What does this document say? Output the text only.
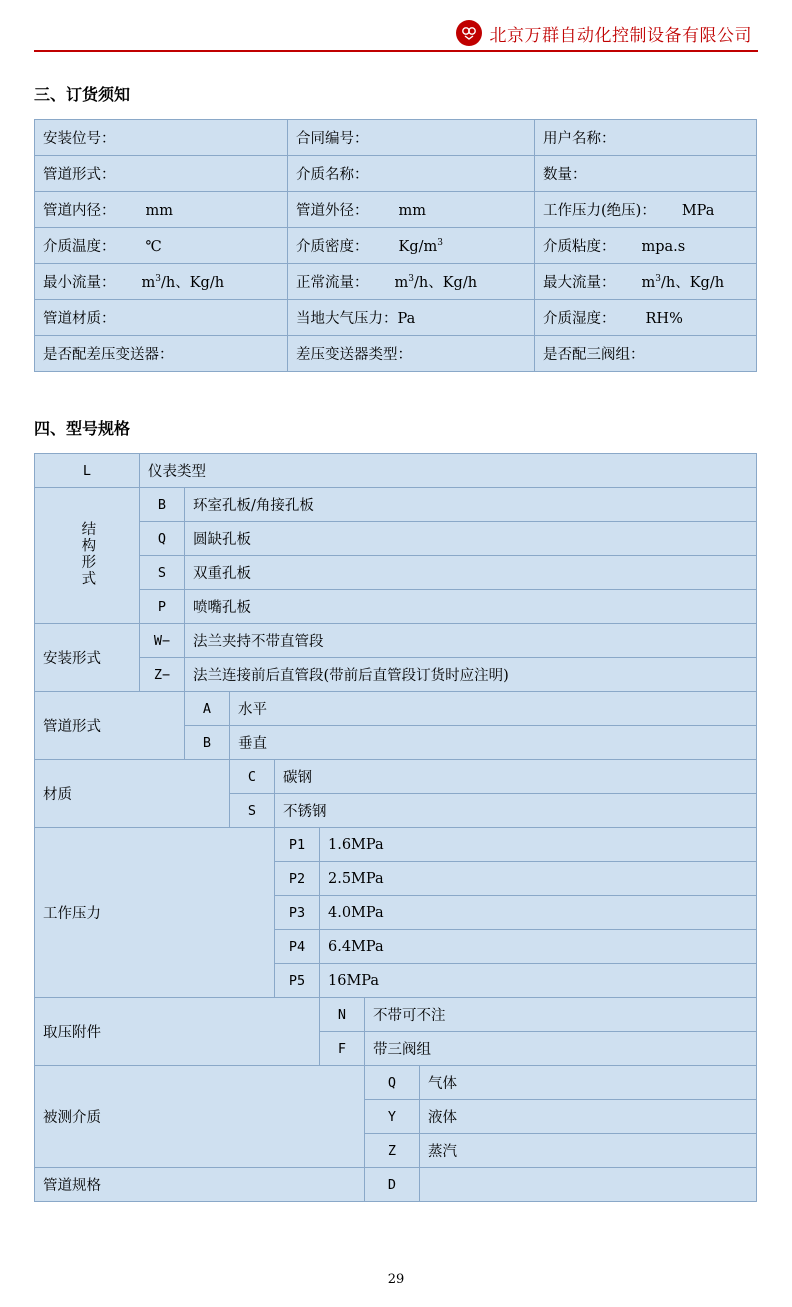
北京万群自动化控制设备有限公司
三、订货须知
安装位号：	合同编号：	用户名称：
管道形式：	介质名称：	数量：
管道内径： mm	管道外径： mm	工作压力(绝压)： MPa
介质温度： ℃	介质密度： $Kg/m^3$	介质粘度： mpa.s
最小流量： $m^3/h$、Kg/h	正常流量： $m^3/h$、Kg/h	最大流量： $m^3/h$、Kg/h
管道材质：	当地大气压力：Pa	介质湿度： RH%
是否配差压变送器：	差压变送器类型：	是否配三阀组：
四、型号规格
L	仪表类型						
结构形式	B	环室孔板/角接孔板					
	Q	圆缺孔板					
	S	双重孔板					
	P	喷嘴孔板					
安装形式	W−	法兰夹持不带直管段					
	Z−	法兰连接前后直管段(带前后直管段订货时应注明)					
管道形式		A	水平				
		B	垂直				
材质			C	碳钢			
			S	不锈钢			
工作压力				P1	1.6MPa		
				P2	2.5MPa		
				P3	4.0MPa		
				P4	6.4MPa		
				P5	16MPa		
取压附件					N	不带可不注	
					F	带三阀组	
被测介质						Q	气体
						Y	液体
						Z	蒸汽
管道规格						D	
29
